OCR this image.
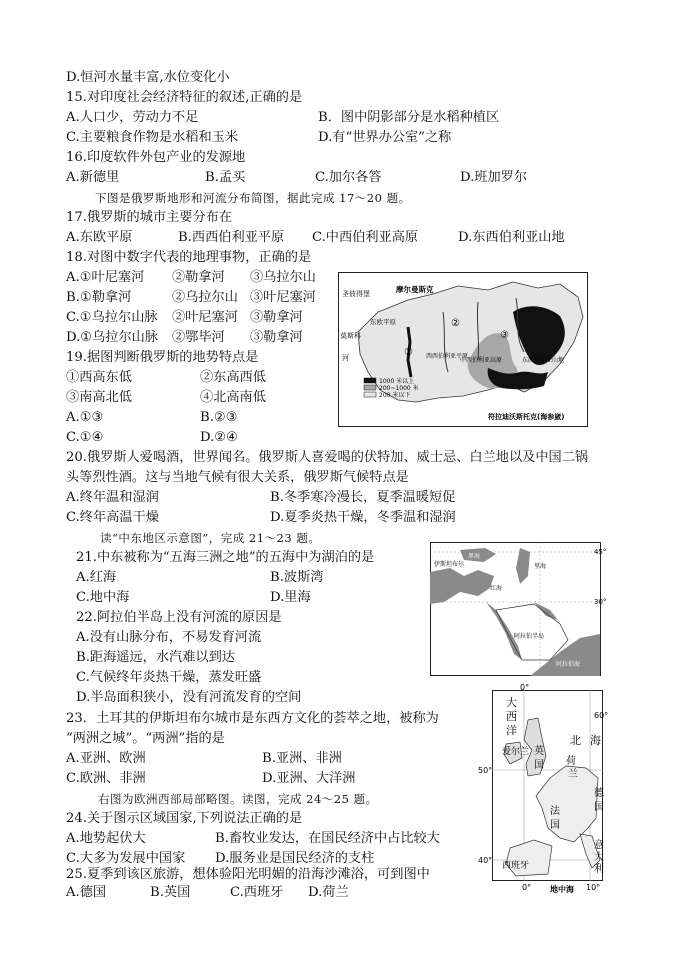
D.恒河水量丰富,水位变化小
15.对印度社会经济特征的叙述,正确的是
A.人口少，劳动力不足	B．图中阴影部分是水稻种植区
C.主要粮食作物是水稻和玉米	D.有“世界办公室”之称
16.印度软件外包产业的发源地
A.新德里	B.孟买	C.加尔各答	D.班加罗尔
下图是俄罗斯地形和河流分布简图，据此完成 17～20 题。
17.俄罗斯的城市主要分布在
A.东欧平原	B.西西伯利亚平原 C.中西伯利亚高原	D.东西伯利亚山地
18.对图中数字代表的地理事物，正确的是
A.①叶尼塞河 ②勒拿河 ③乌拉尔山
B.①勒拿河	②乌拉尔山 ③叶尼塞河
C.①乌拉尔山脉 ②叶尼塞河 ③勒拿河
D.①乌拉尔山脉 ②鄂毕河 ③勒拿河
19.据图判断俄罗斯的地势特点是
①西高东低	②东高西低
③南高北低	④北高南低
A.①③	B.②③
C.①④	D.②④
20.俄罗斯人爱喝酒，世界闻名。俄罗斯人喜爱喝的伏特加、威士忌、白兰地以及中国二锅
头等烈性酒。这与当地气候有很大关系，俄罗斯气候特点是
A.终年温和湿润	B.冬季寒冷漫长，夏季温暖短促
C.终年高温干燥	D.夏季炎热干燥，冬季温和湿润
读“中东地区示意图”，完成 21～23 题。
21.中东被称为“五海三洲之地”的五海中为湖泊的是
A.红海	B.波斯湾
C.地中海	D.里海
22.阿拉伯半岛上没有河流的原因是
A.没有山脉分布，不易发育河流
B.距海遥远，水汽难以到达
C.气候终年炎热干燥，蒸发旺盛
D.半岛面积狭小，没有河流发育的空间
23．土耳其的伊斯坦布尔城市是东西方文化的荟萃之地，被称为
“两洲之城”。“两洲”指的是
A.亚洲、欧洲	B.亚洲、非洲
C.欧洲、非洲	D.亚洲、大洋洲
右图为欧洲西部局部略图。读图，完成 24～25 题。
24.关于图示区域国家,下列说法正确的是
A.地势起伏大	B.畜牧业发达，在国民经济中占比较大
C.大多为发展中国家 D.服务业是国民经济的支柱
25.夏季到该区旅游，想体验阳光明媚的沿海沙滩浴，可到图中
A.德国	B.英国	C.西班牙 D.荷兰
圣彼得堡	摩尔曼斯克
东欧平原
莫斯科
河	西西伯利亚平原
中西伯利亚高原	东西伯利亚山地
①
②
③
1000 米以上
200~1000 米
200 米以下
符拉迪沃斯托克(海参崴)
45°
30°
黑海
里海
伊斯坦布尔
红海
阿拉伯半岛
阿拉伯海
0°
60°
50°
40°
0°	10°
大
西
洋
北 海
爱尔兰 英
国 荷
兰
法
国
德
国
西班牙
意
大
利
地中海
